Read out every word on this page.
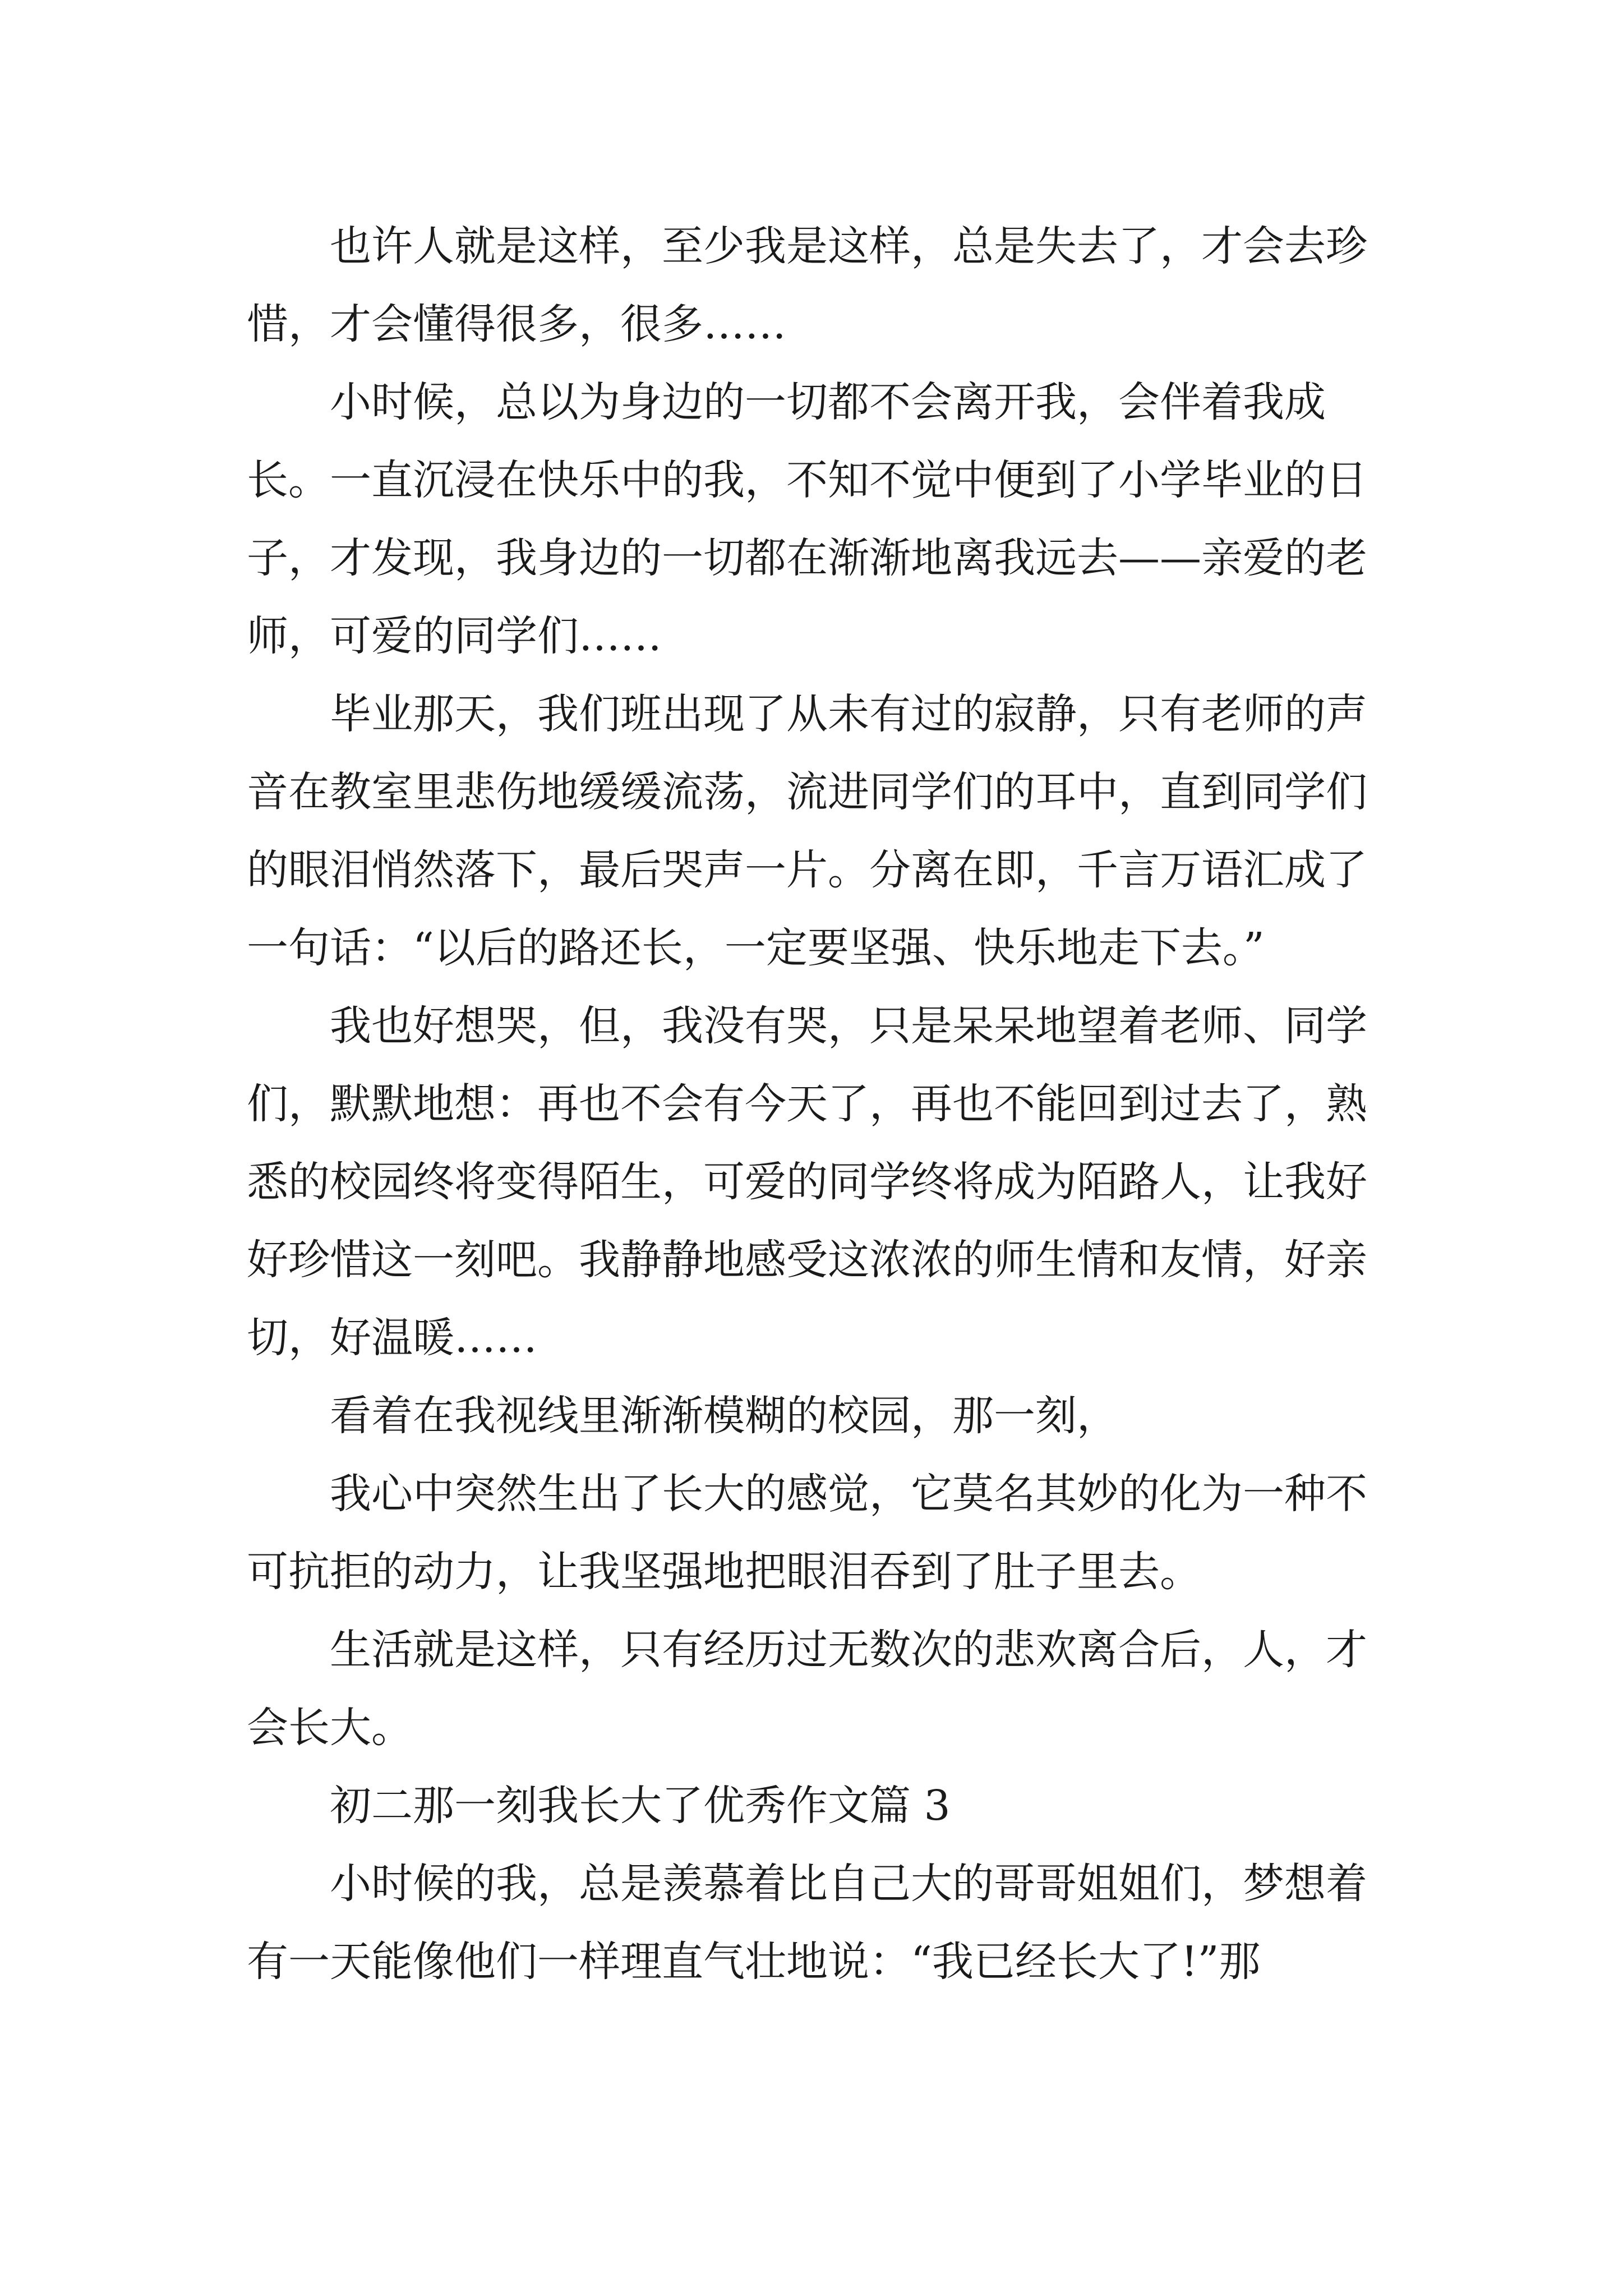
也许人就是这样，至少我是这样，总是失去了，才会去珍惜，才会懂得很多，很多……

小时候，总以为身边的一切都不会离开我，会伴着我成长。一直沉浸在快乐中的我，不知不觉中便到了小学毕业的日子，才发现，我身边的一切都在渐渐地离我远去——亲爱的老师，可爱的同学们……

毕业那天，我们班出现了从未有过的寂静，只有老师的声音在教室里悲伤地缓缓流荡，流进同学们的耳中，直到同学们的眼泪悄然落下，最后哭声一片。分离在即，千言万语汇成了一句话：“以后的路还长，一定要坚强、快乐地走下去。”

我也好想哭，但，我没有哭，只是呆呆地望着老师、同学们，默默地想：再也不会有今天了，再也不能回到过去了，熟悉的校园终将变得陌生，可爱的同学终将成为陌路人，让我好好珍惜这一刻吧。我静静地感受这浓浓的师生情和友情，好亲切，好温暖……

看着在我视线里渐渐模糊的校园，那一刻，

我心中突然生出了长大的感觉，它莫名其妙的化为一种不可抗拒的动力，让我坚强地把眼泪吞到了肚子里去。

生活就是这样，只有经历过无数次的悲欢离合后，人，才会长大。

初二那一刻我长大了优秀作文篇 3

小时候的我，总是羡慕着比自己大的哥哥姐姐们，梦想着有一天能像他们一样理直气壮地说：“我已经长大了!”那
